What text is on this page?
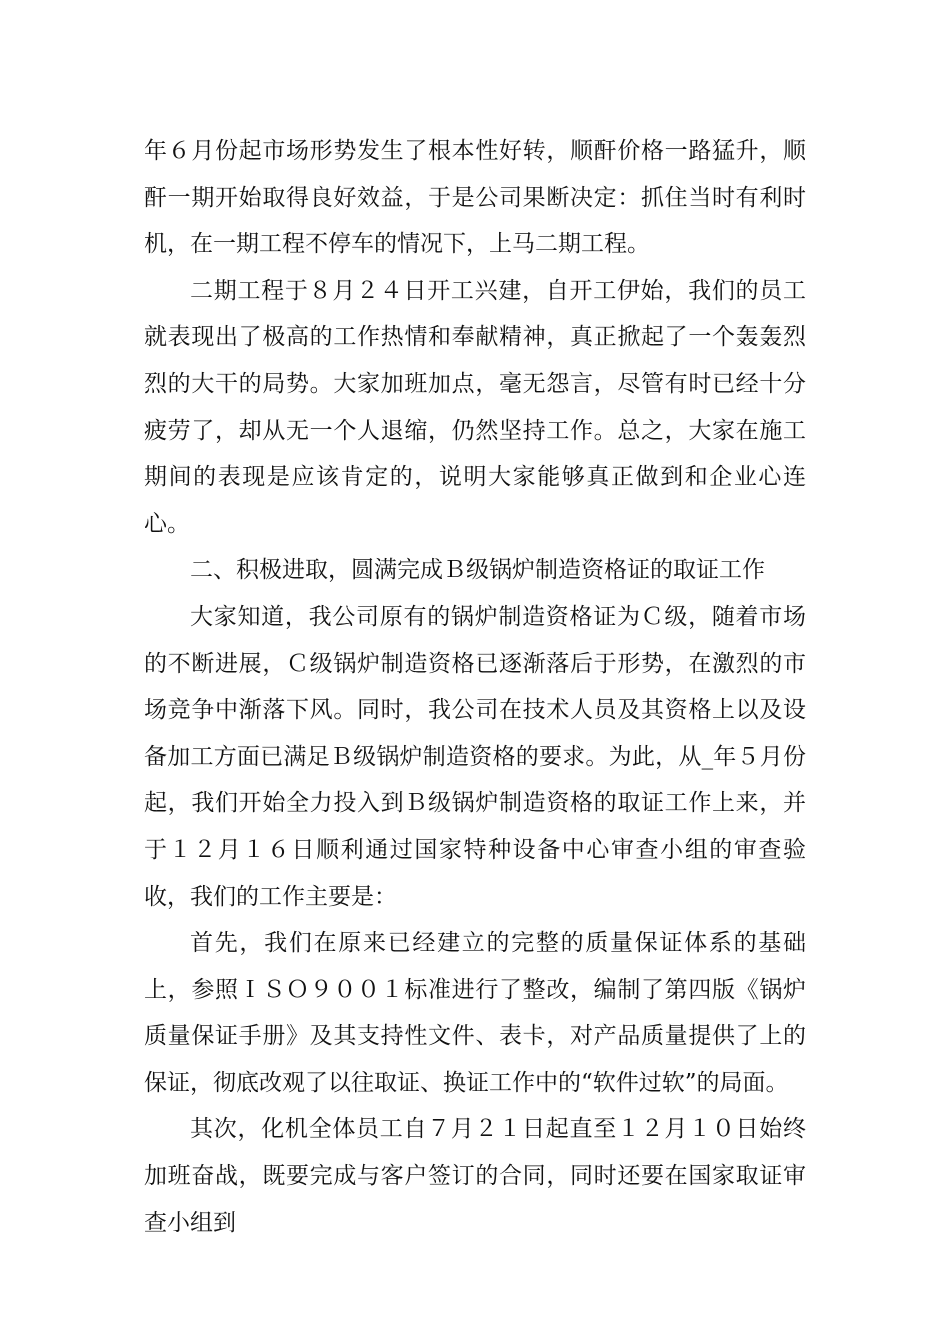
年６月份起市场形势发生了根本性好转，顺酐价格一路猛升，顺酐一期开始取得良好效益，于是公司果断决定：抓住当时有利时机，在一期工程不停车的情况下，上马二期工程。

二期工程于８月２４日开工兴建，自开工伊始，我们的员工就表现出了极高的工作热情和奉献精神，真正掀起了一个轰轰烈烈的大干的局势。大家加班加点，毫无怨言，尽管有时已经十分疲劳了，却从无一个人退缩，仍然坚持工作。总之，大家在施工期间的表现是应该肯定的，说明大家能够真正做到和企业心连心。

二、积极进取，圆满完成Ｂ级锅炉制造资格证的取证工作

大家知道，我公司原有的锅炉制造资格证为Ｃ级，随着市场的不断进展，Ｃ级锅炉制造资格已逐渐落后于形势，在激烈的市场竞争中渐落下风。同时，我公司在技术人员及其资格上以及设备加工方面已满足Ｂ级锅炉制造资格的要求。为此，从_年５月份起，我们开始全力投入到Ｂ级锅炉制造资格的取证工作上来，并于１２月１６日顺利通过国家特种设备中心审查小组的审查验收，我们的工作主要是：

首先，我们在原来已经建立的完整的质量保证体系的基础上，参照ＩＳＯ９００１标准进行了整改，编制了第四版《锅炉质量保证手册》及其支持性文件、表卡，对产品质量提供了上的保证，彻底改观了以往取证、换证工作中的“软件过软”的局面。

其次，化机全体员工自７月２１日起直至１２月１０日始终加班奋战，既要完成与客户签订的合同，同时还要在国家取证审查小组到
